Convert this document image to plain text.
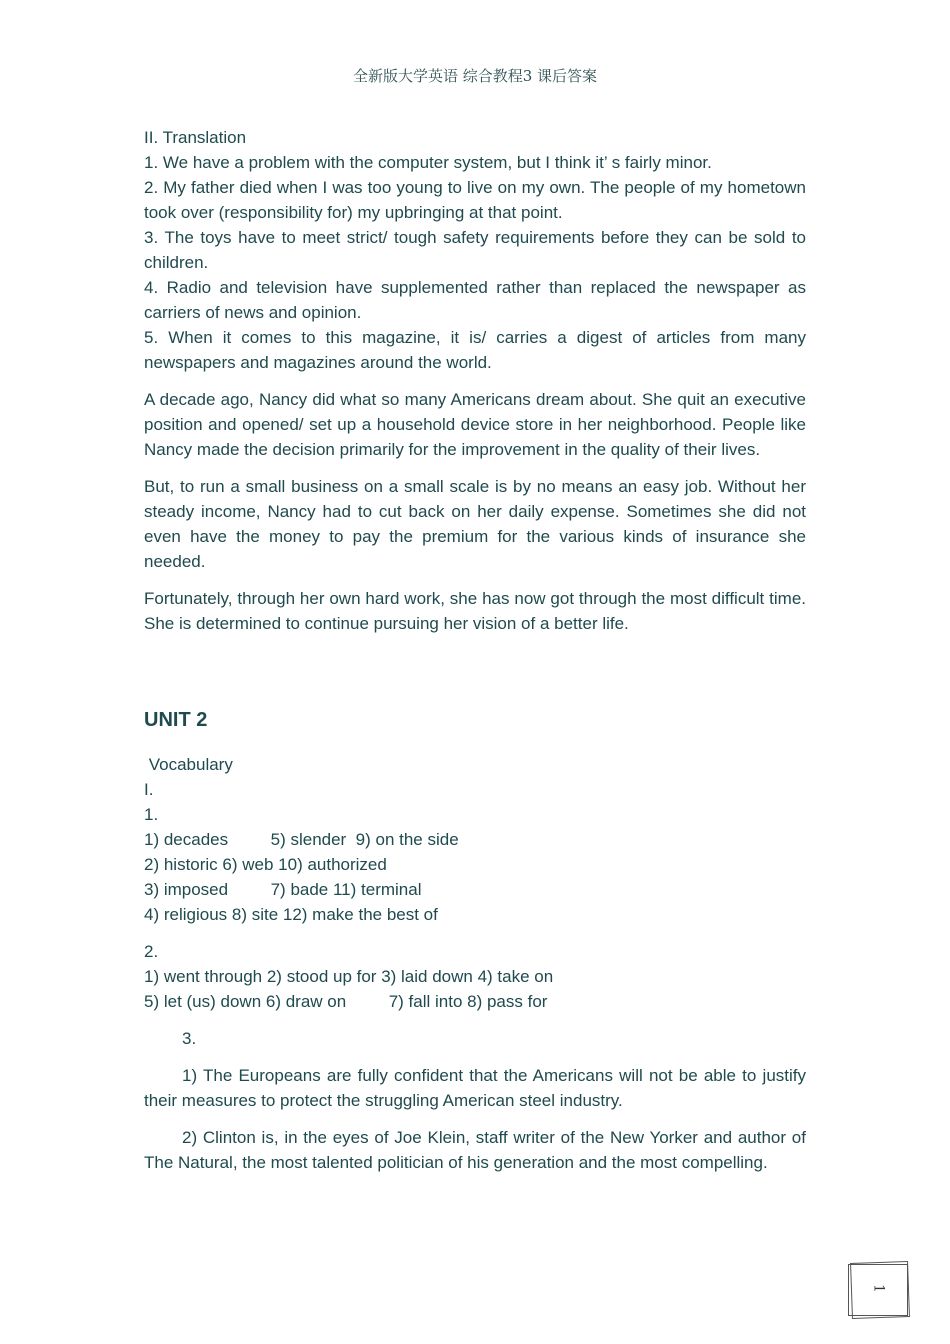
全新版大学英语 综合教程3 课后答案
II. Translation

1. We have a problem with the computer system, but I think it’ s fairly minor.

2. My father died when I was too young to live on my own. The people of my hometown took over (responsibility for) my upbringing at that point.

3. The toys have to meet strict/ tough safety requirements before they can be sold to children.

4. Radio and television have supplemented rather than replaced the newspaper as carriers of news and opinion.

5. When it comes to this magazine, it is/ carries a digest of articles from many newspapers and magazines around the world.

A decade ago, Nancy did what so many Americans dream about. She quit an executive position and opened/ set up a household device store in her neighborhood. People like Nancy made the decision primarily for the improvement in the quality of their lives.

But, to run a small business on a small scale is by no means an easy job. Without her steady income, Nancy had to cut back on her daily expense. Sometimes she did not even have the money to pay the premium for the various kinds of insurance she needed.

Fortunately, through her own hard work, she has now got through the most difficult time. She is determined to continue pursuing her vision of a better life.

UNIT 2
Vocabulary
I.
1.
1) decades         5) slender  9) on the side
2) historic 6) web 10) authorized
3) imposed         7) bade 11) terminal
4) religious 8) site 12) make the best of
2.
1) went through 2) stood up for 3) laid down 4) take on
5) let (us) down 6) draw on         7) fall into 8) pass for
3.

1) The Europeans are fully confident that the Americans will not be able to justify their measures to protect the struggling American steel industry.

2) Clinton is, in the eyes of Joe Klein, staff writer of the New Yorker and author of The Natural, the most talented politician of his generation and the most compelling.

1
